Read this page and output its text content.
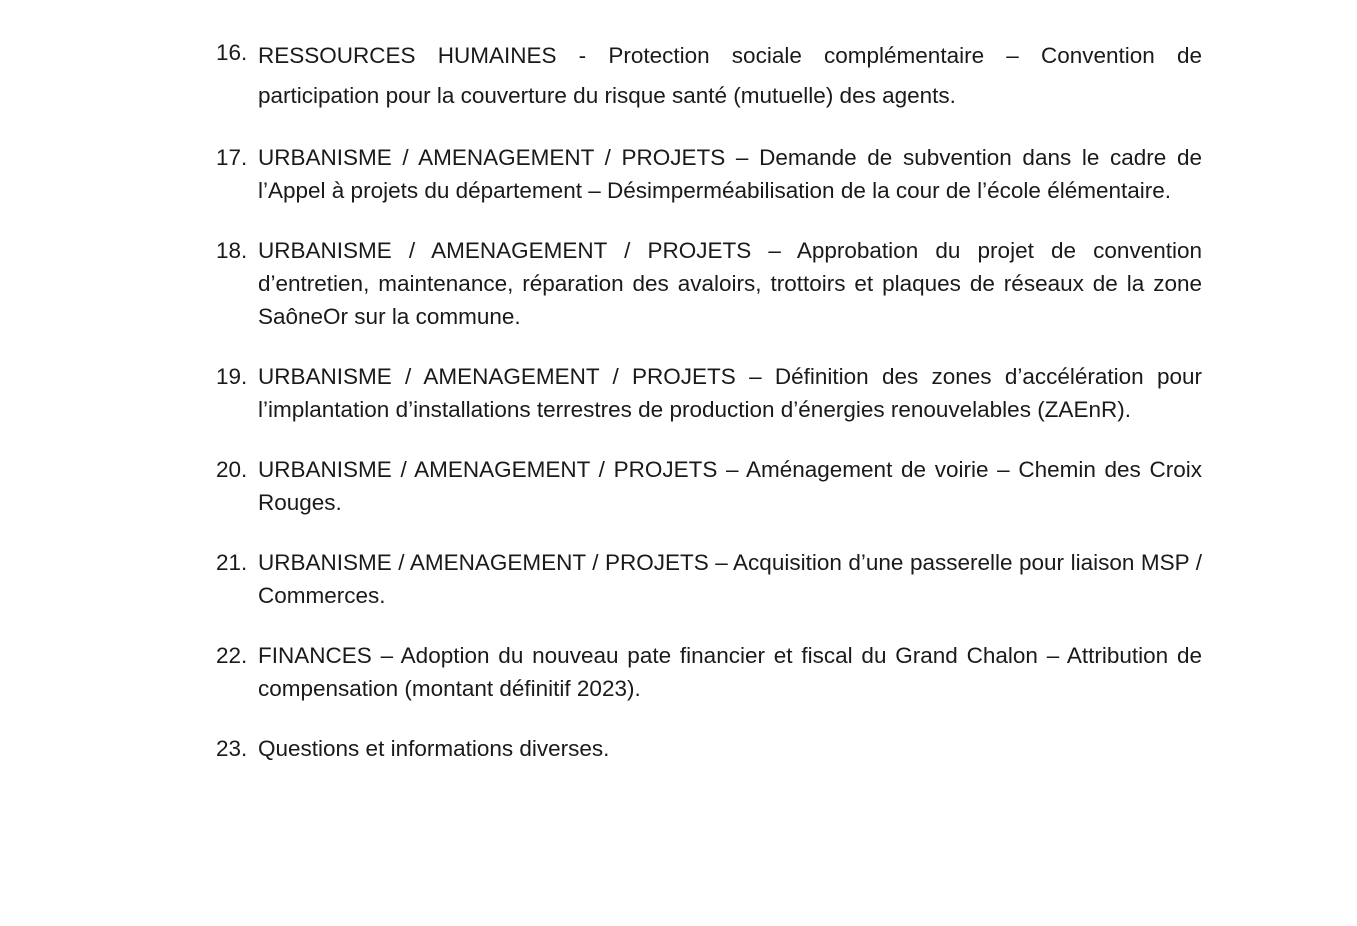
16. RESSOURCES HUMAINES - Protection sociale complémentaire – Convention de participation pour la couverture du risque santé (mutuelle) des agents.
17. URBANISME / AMENAGEMENT / PROJETS – Demande de subvention dans le cadre de l’Appel à projets du département – Désimperméabilisation de la cour de l’école élémentaire.
18. URBANISME / AMENAGEMENT / PROJETS – Approbation du projet de convention d’entretien, maintenance, réparation des avaloirs, trottoirs et plaques de réseaux de la zone SaôneOr sur la commune.
19. URBANISME / AMENAGEMENT / PROJETS – Définition des zones d’accélération pour l’implantation d’installations terrestres de production d’énergies renouvelables (ZAEnR).
20. URBANISME / AMENAGEMENT / PROJETS – Aménagement de voirie – Chemin des Croix Rouges.
21. URBANISME / AMENAGEMENT / PROJETS – Acquisition d’une passerelle pour liaison MSP / Commerces.
22. FINANCES – Adoption du nouveau pate financier et fiscal du Grand Chalon – Attribution de compensation (montant définitif 2023).
23. Questions et informations diverses.
